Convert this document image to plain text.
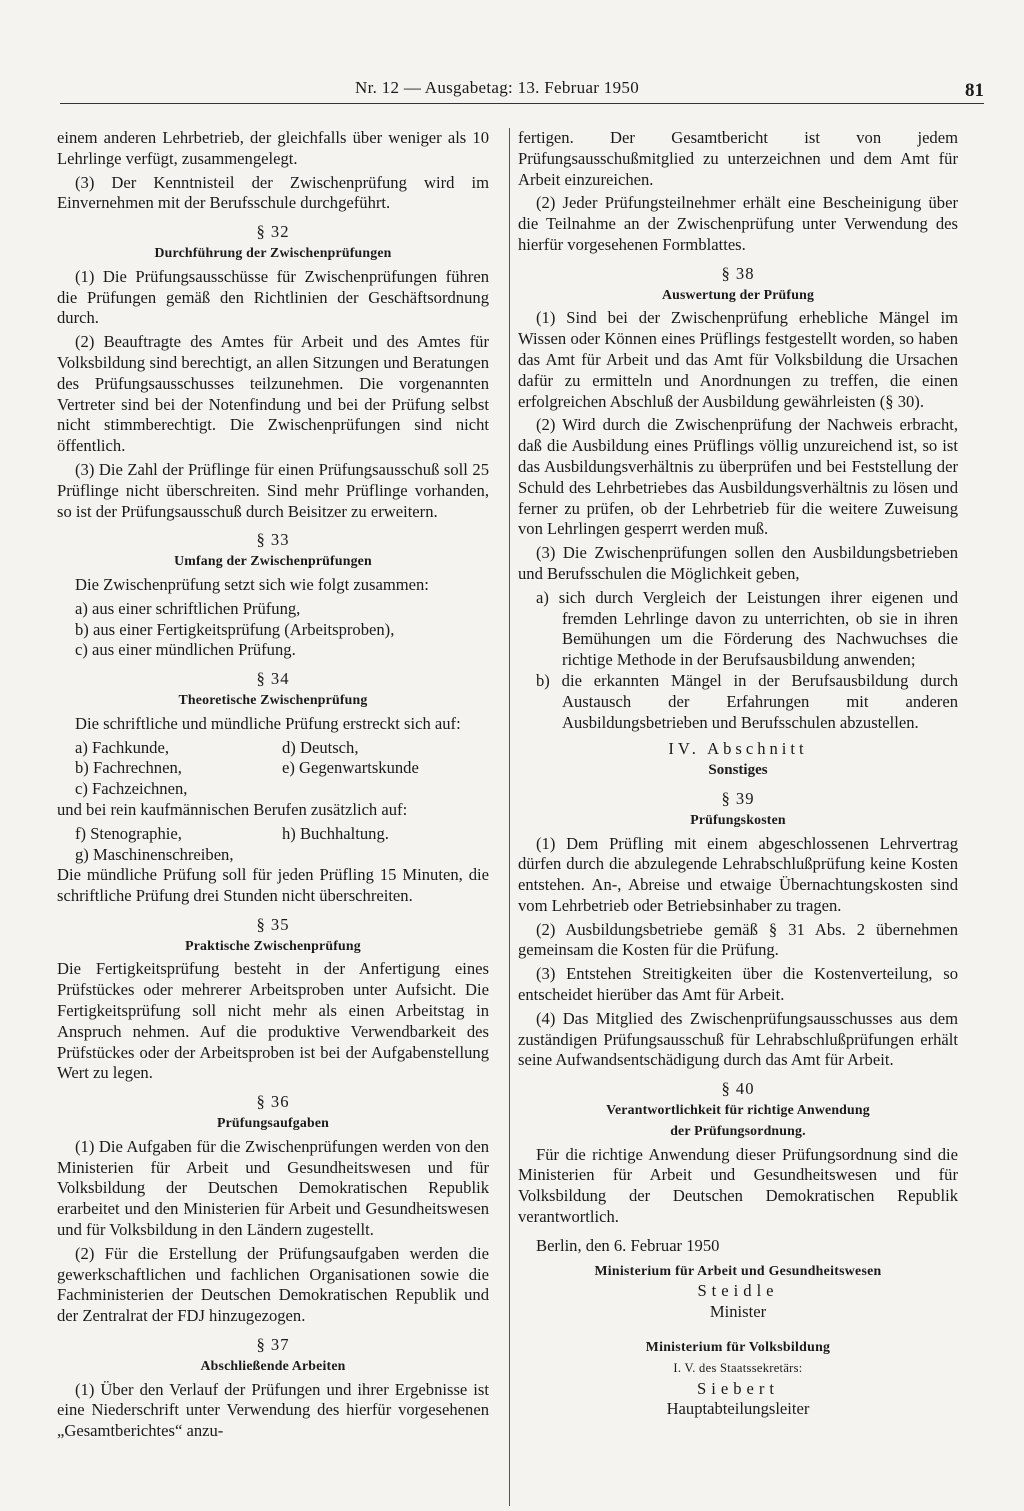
Nr. 12 — Ausgabetag: 13. Februar 1950	81

einem anderen Lehrbetrieb, der gleichfalls über weniger als 10 Lehrlinge verfügt, zusammengelegt.

(3) Der Kenntnisteil der Zwischenprüfung wird im Einvernehmen mit der Berufsschule durchgeführt.

§ 32
Durchführung der Zwischenprüfungen

(1) Die Prüfungsausschüsse für Zwischenprüfungen führen die Prüfungen gemäß den Richtlinien der Geschäftsordnung durch.

(2) Beauftragte des Amtes für Arbeit und des Amtes für Volksbildung sind berechtigt, an allen Sitzungen und Beratungen des Prüfungsausschusses teilzunehmen. Die vorgenannten Vertreter sind bei der Notenfindung und bei der Prüfung selbst nicht stimmberechtigt. Die Zwischenprüfungen sind nicht öffentlich.

(3) Die Zahl der Prüflinge für einen Prüfungsausschuß soll 25 Prüflinge nicht überschreiten. Sind mehr Prüflinge vorhanden, so ist der Prüfungsausschuß durch Beisitzer zu erweitern.

§ 33
Umfang der Zwischenprüfungen

Die Zwischenprüfung setzt sich wie folgt zusammen:

a) aus einer schriftlichen Prüfung,
b) aus einer Fertigkeitsprüfung (Arbeitsproben),
c) aus einer mündlichen Prüfung.
§ 34
Theoretische Zwischenprüfung

Die schriftliche und mündliche Prüfung erstreckt sich auf:

a) Fachkunde,	d) Deutsch,
b) Fachrechnen,	e) Gegenwartskunde
c) Fachzeichnen,

und bei rein kaufmännischen Berufen zusätzlich auf:

f) Stenographie,	h) Buchhaltung.
g) Maschinenschreiben,

Die mündliche Prüfung soll für jeden Prüfling 15 Minuten, die schriftliche Prüfung drei Stunden nicht überschreiten.

§ 35
Praktische Zwischenprüfung

Die Fertigkeitsprüfung besteht in der Anfertigung eines Prüfstückes oder mehrerer Arbeitsproben unter Aufsicht. Die Fertigkeitsprüfung soll nicht mehr als einen Arbeitstag in Anspruch nehmen. Auf die produktive Verwendbarkeit des Prüfstückes oder der Arbeitsproben ist bei der Aufgabenstellung Wert zu legen.

§ 36
Prüfungsaufgaben

(1) Die Aufgaben für die Zwischenprüfungen werden von den Ministerien für Arbeit und Gesundheitswesen und für Volksbildung der Deutschen Demokratischen Republik erarbeitet und den Ministerien für Arbeit und Gesundheitswesen und für Volksbildung in den Ländern zugestellt.

(2) Für die Erstellung der Prüfungsaufgaben werden die gewerkschaftlichen und fachlichen Organisationen sowie die Fachministerien der Deutschen Demokratischen Republik und der Zentralrat der FDJ hinzugezogen.

§ 37
Abschließende Arbeiten

(1) Über den Verlauf der Prüfungen und ihrer Ergebnisse ist eine Niederschrift unter Verwendung des hierfür vorgesehenen „Gesamtberichtes“ anzu-

fertigen. Der Gesamtbericht ist von jedem Prüfungsausschußmitglied zu unterzeichnen und dem Amt für Arbeit einzureichen.

(2) Jeder Prüfungsteilnehmer erhält eine Bescheinigung über die Teilnahme an der Zwischenprüfung unter Verwendung des hierfür vorgesehenen Formblattes.

§ 38
Auswertung der Prüfung

(1) Sind bei der Zwischenprüfung erhebliche Mängel im Wissen oder Können eines Prüflings festgestellt worden, so haben das Amt für Arbeit und das Amt für Volksbildung die Ursachen dafür zu ermitteln und Anordnungen zu treffen, die einen erfolgreichen Abschluß der Ausbildung gewährleisten (§ 30).

(2) Wird durch die Zwischenprüfung der Nachweis erbracht, daß die Ausbildung eines Prüflings völlig unzureichend ist, so ist das Ausbildungsverhältnis zu überprüfen und bei Feststellung der Schuld des Lehrbetriebes das Ausbildungsverhältnis zu lösen und ferner zu prüfen, ob der Lehrbetrieb für die weitere Zuweisung von Lehrlingen gesperrt werden muß.

(3) Die Zwischenprüfungen sollen den Ausbildungsbetrieben und Berufsschulen die Möglichkeit geben,

a) sich durch Vergleich der Leistungen ihrer eigenen und fremden Lehrlinge davon zu unterrichten, ob sie in ihren Bemühungen um die Förderung des Nachwuchses die richtige Methode in der Berufsausbildung anwenden;
b) die erkannten Mängel in der Berufsausbildung durch Austausch der Erfahrungen mit anderen Ausbildungsbetrieben und Berufsschulen abzustellen.
IV. Abschnitt
Sonstiges
§ 39
Prüfungskosten

(1) Dem Prüfling mit einem abgeschlossenen Lehrvertrag dürfen durch die abzulegende Lehrabschlußprüfung keine Kosten entstehen. An-, Abreise und etwaige Übernachtungskosten sind vom Lehrbetrieb oder Betriebsinhaber zu tragen.

(2) Ausbildungsbetriebe gemäß § 31 Abs. 2 übernehmen gemeinsam die Kosten für die Prüfung.

(3) Entstehen Streitigkeiten über die Kostenverteilung, so entscheidet hierüber das Amt für Arbeit.

(4) Das Mitglied des Zwischenprüfungsausschusses aus dem zuständigen Prüfungsausschuß für Lehrabschlußprüfungen erhält seine Aufwandsentschädigung durch das Amt für Arbeit.

§ 40
Verantwortlichkeit für richtige Anwendung
der Prüfungsordnung.

Für die richtige Anwendung dieser Prüfungsordnung sind die Ministerien für Arbeit und Gesundheitswesen und für Volksbildung der Deutschen Demokratischen Republik verantwortlich.

Berlin, den 6. Februar 1950
Ministerium für Arbeit und Gesundheitswesen
Steidle
Minister
Ministerium für Volksbildung
I. V. des Staatssekretärs:
Siebert
Hauptabteilungsleiter
